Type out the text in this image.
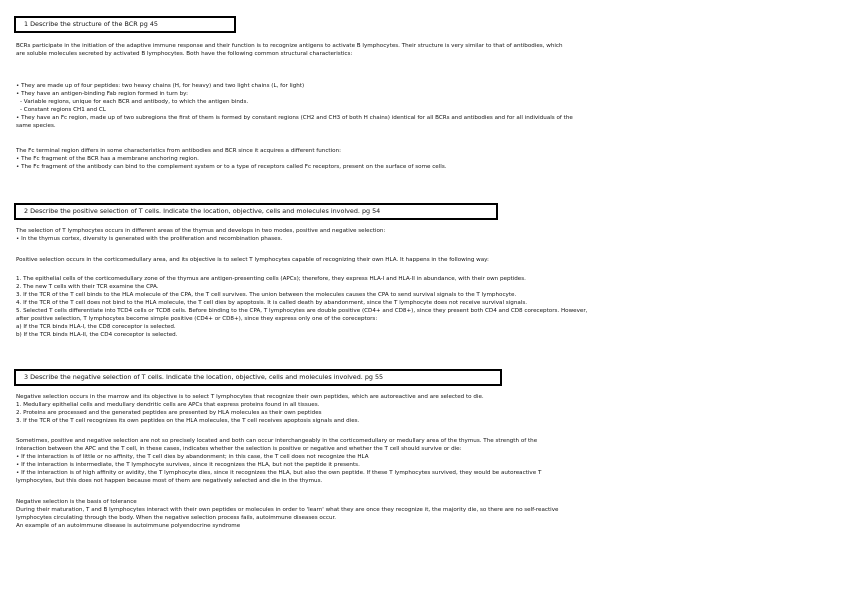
1 Describe the structure of the BCR pg 45
BCRs participate in the initiation of the adaptive immune response and their function is to recognize antigens to activate B lymphocytes. Their structure is very similar to that of antibodies, which
are soluble molecules secreted by activated B lymphocytes. Both have the following common structural characteristics:
• They are made up of four peptides: two heavy chains (H, for heavy) and two light chains (L, for light)
• They have an antigen-binding Fab region formed in turn by:
- Variable regions, unique for each BCR and antibody, to which the antigen binds.
- Constant regions CH1 and CL
• They have an Fc region, made up of two subregions the first of them is formed by constant regions (CH2 and CH3 of both H chains) identical for all BCRs and antibodies and for all individuals of the
same species.
The Fc terminal region differs in some characteristics from antibodies and BCR since it acquires a different function:
• The Fc fragment of the BCR has a membrane anchoring region.
• The Fc fragment of the antibody can bind to the complement system or to a type of receptors called Fc receptors, present on the surface of some cells.
2 Describe the positive selection of T cells. Indicate the location, objective, cells and molecules involved. pg 54
The selection of T lymphocytes occurs in different areas of the thymus and develops in two modes, positive and negative selection:
• In the thymus cortex, diversity is generated with the proliferation and recombination phases.
Positive selection occurs in the corticomedullary area, and its objective is to select T lymphocytes capable of recognizing their own HLA. It happens in the following way:
1. The epithelial cells of the corticomedullary zone of the thymus are antigen-presenting cells (APCs); therefore, they express HLA-I and HLA-II in abundance, with their own peptides.
2. The new T cells with their TCR examine the CPA.
3. If the TCR of the T cell binds to the HLA molecule of the CPA, the T cell survives. The union between the molecules causes the CPA to send survival signals to the T lymphocyte.
4. If the TCR of the T cell does not bind to the HLA molecule, the T cell dies by apoptosis. It is called death by abandonment, since the T lymphocyte does not receive survival signals.
5. Selected T cells differentiate into TCD4 cells or TCD8 cells. Before binding to the CPA, T lymphocytes are double positive (CD4+ and CD8+), since they present both CD4 and CD8 coreceptors. However,
after positive selection, T lymphocytes become simple positive (CD4+ or CD8+), since they express only one of the coreceptors:
a) If the TCR binds HLA-I, the CD8 coreceptor is selected.
b) If the TCR binds HLA-II, the CD4 coreceptor is selected.
3 Describe the negative selection of T cells. Indicate the location, objective, cells and molecules involved. pg 55
Negative selection occurs in the marrow and its objective is to select T lymphocytes that recognize their own peptides, which are autoreactive and are selected to die.
1. Medullary epithelial cells and medullary dendritic cells are APCs that express proteins found in all tissues.
2. Proteins are processed and the generated peptides are presented by HLA molecules as their own peptides
3. If the TCR of the T cell recognizes its own peptides on the HLA molecules, the T cell receives apoptosis signals and dies.
Sometimes, positive and negative selection are not so precisely located and both can occur interchangeably in the corticomedullary or medullary area of the thymus. The strength of the
interaction between the APC and the T cell, in these cases, indicates whether the selection is positive or negative and whether the T cell should survive or die:
• If the interaction is of little or no affinity, the T cell dies by abandonment; in this case, the T cell does not recognize the HLA
• If the interaction is intermediate, the T lymphocyte survives, since it recognizes the HLA, but not the peptide it presents.
• If the interaction is of high affinity or avidity, the T lymphocyte dies, since it recognizes the HLA, but also the own peptide. If these T lymphocytes survived, they would be autoreactive T
lymphocytes, but this does not happen because most of them are negatively selected and die in the thymus.
Negative selection is the basis of tolerance
During their maturation, T and B lymphocytes interact with their own peptides or molecules in order to 'learn' what they are once they recognize it, the majority die, so there are no self-reactive
lymphocytes circulating through the body. When the negative selection process fails, autoimmune diseases occur.
An example of an autoimmune disease is autoimmune polyendocrine syndrome
